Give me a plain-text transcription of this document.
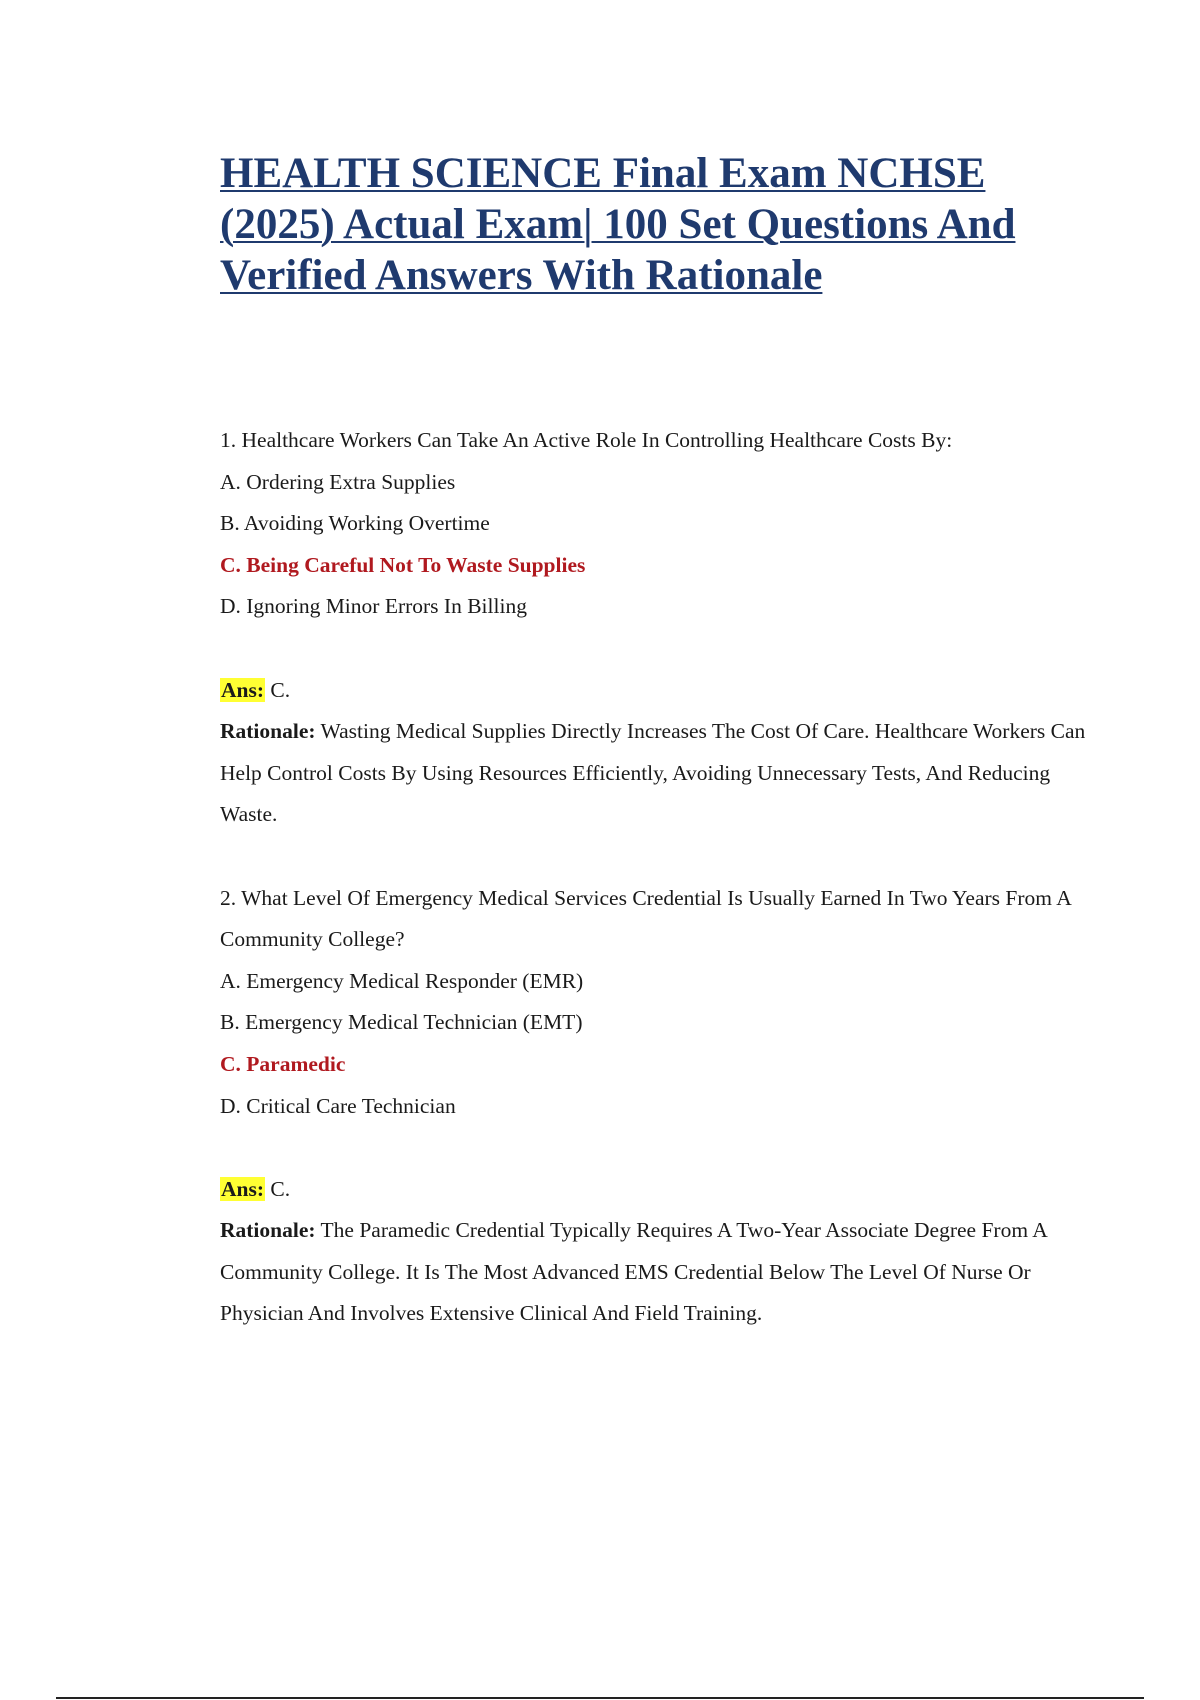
HEALTH SCIENCE Final Exam NCHSE
(2025) Actual Exam| 100 Set Questions And
Verified Answers With Rationale

1. Healthcare Workers Can Take An Active Role In Controlling Healthcare Costs By:

A. Ordering Extra Supplies

B. Avoiding Working Overtime

C. Being Careful Not To Waste Supplies

D. Ignoring Minor Errors In Billing

Ans: C.

Rationale: Wasting Medical Supplies Directly Increases The Cost Of Care. Healthcare Workers Can Help Control Costs By Using Resources Efficiently, Avoiding Unnecessary Tests, And Reducing Waste.

2. What Level Of Emergency Medical Services Credential Is Usually Earned In Two Years From A Community College?

A. Emergency Medical Responder (EMR)

B. Emergency Medical Technician (EMT)

C. Paramedic

D. Critical Care Technician

Ans: C.

Rationale: The Paramedic Credential Typically Requires A Two-Year Associate Degree From A Community College. It Is The Most Advanced EMS Credential Below The Level Of Nurse Or Physician And Involves Extensive Clinical And Field Training.
